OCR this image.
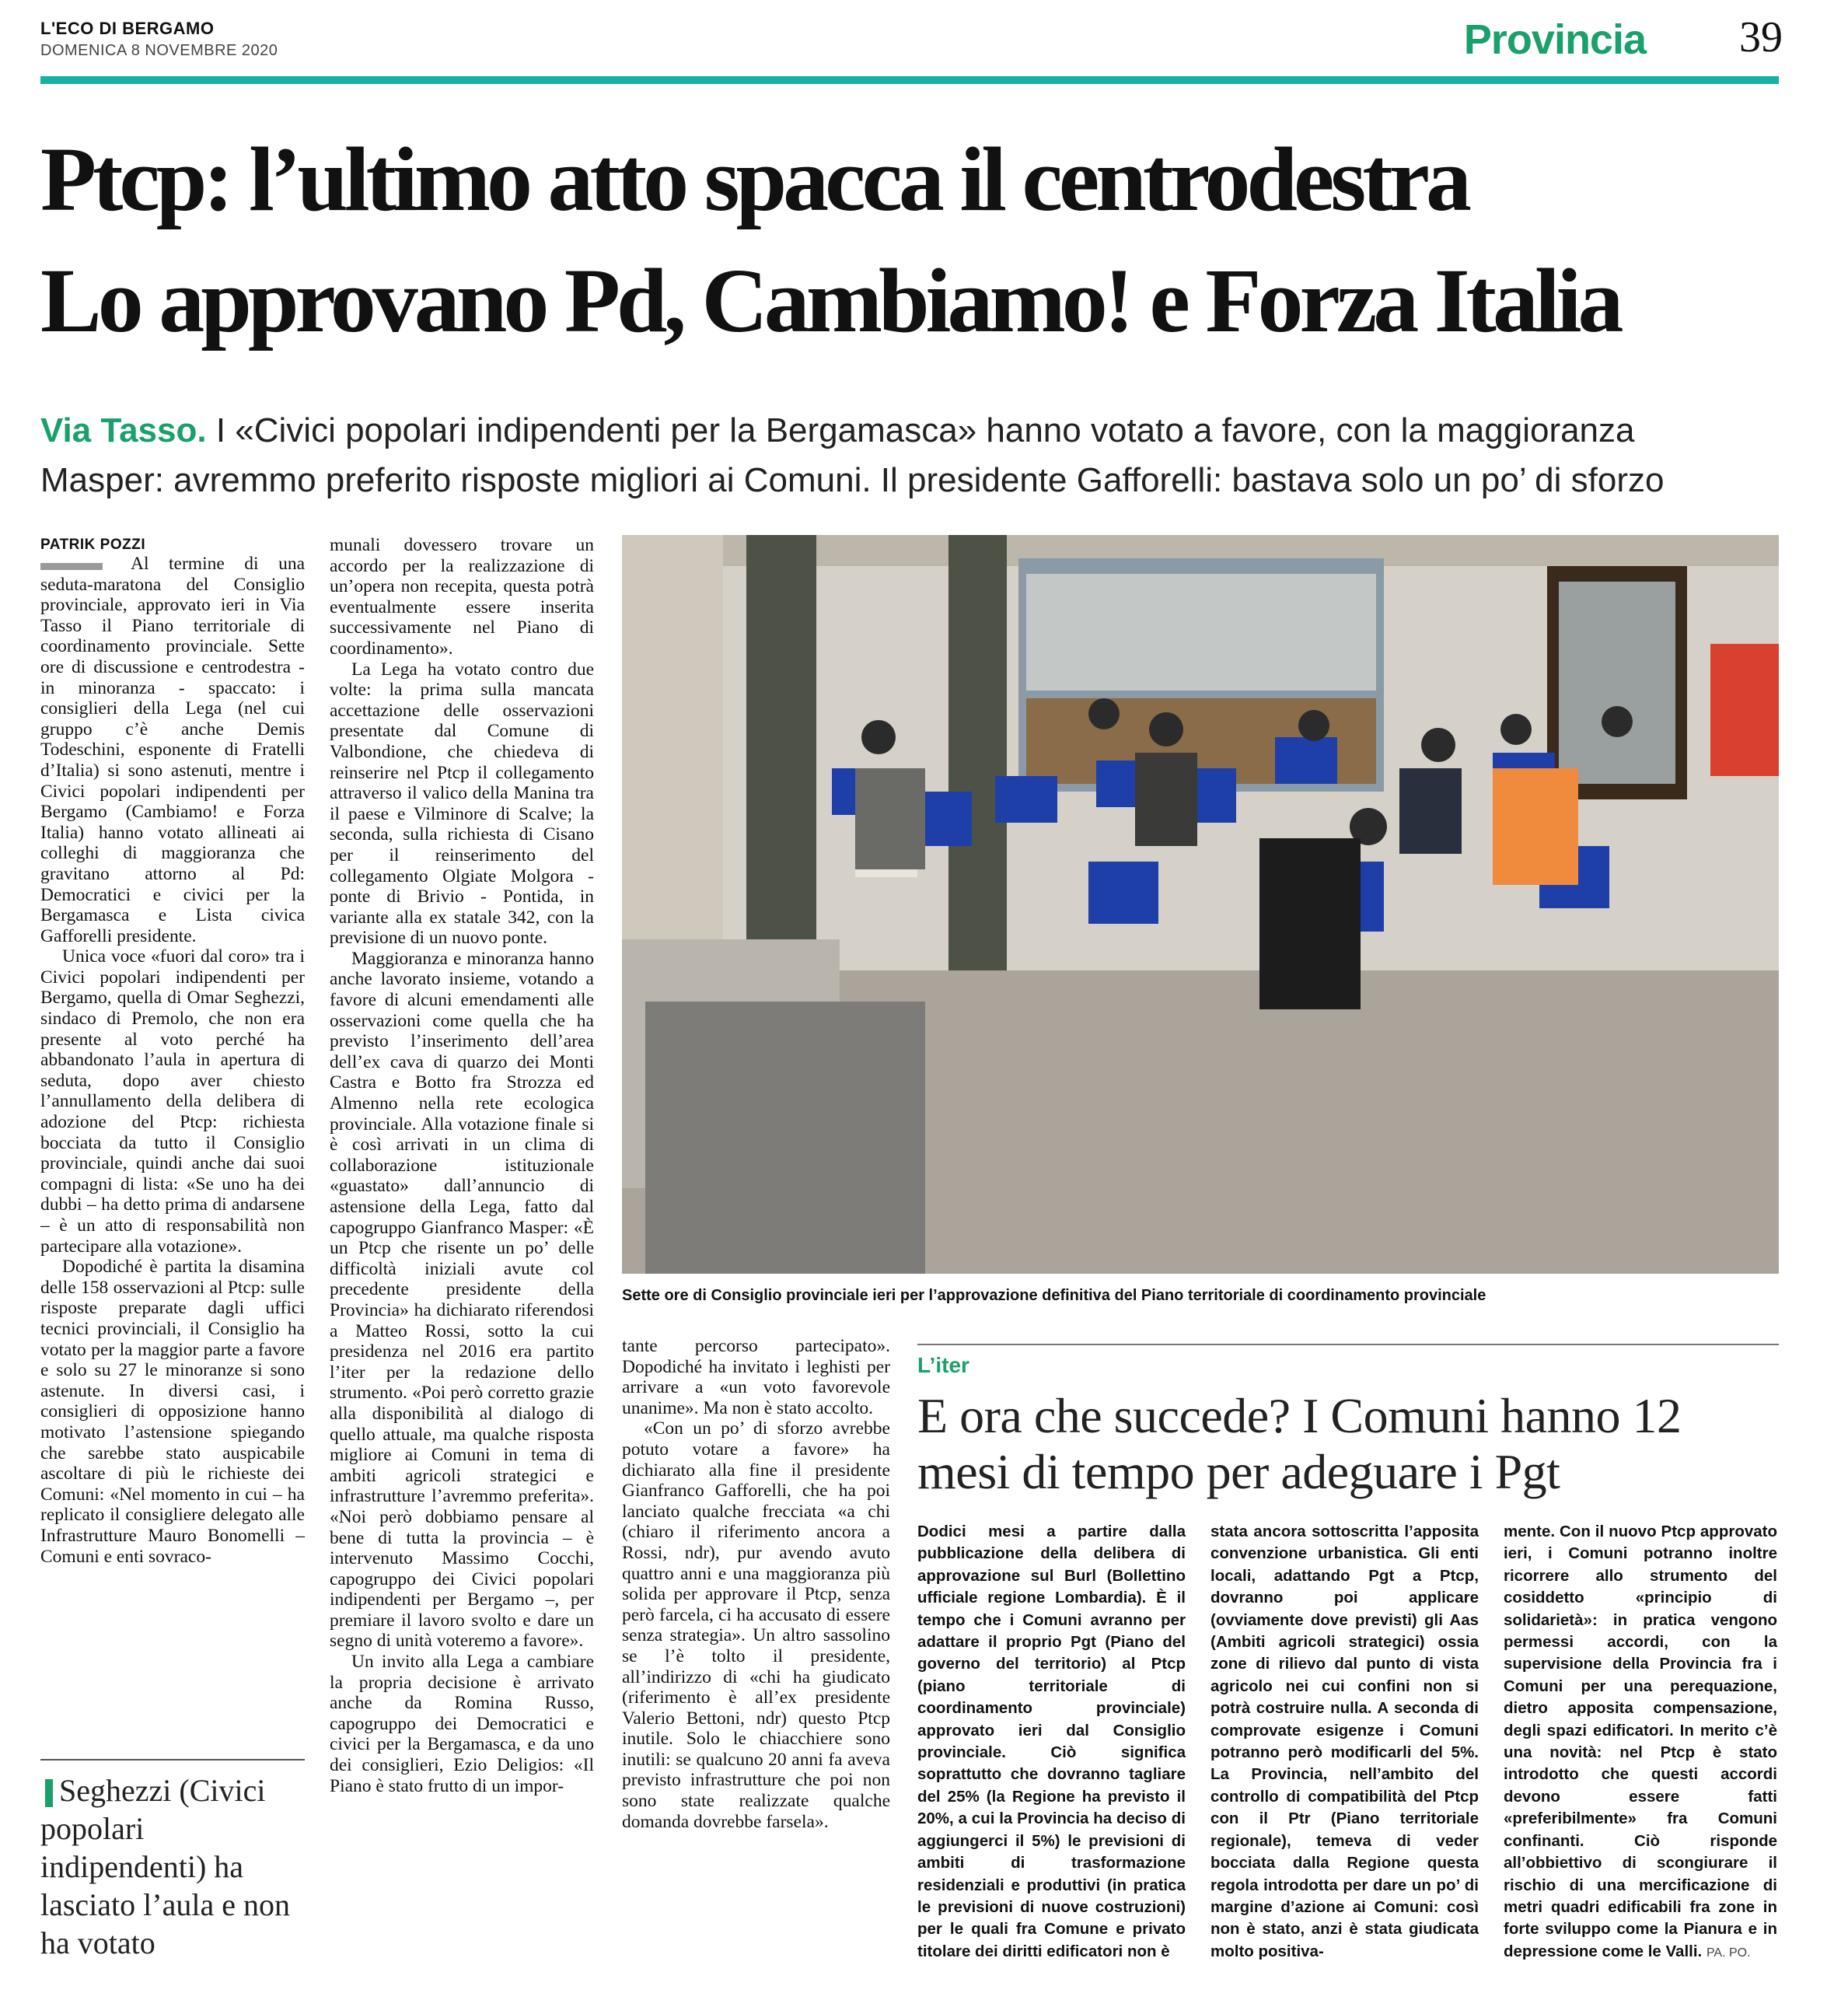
L'ECO DI BERGAMO
DOMENICA 8 NOVEMBRE 2020	Provincia 39
Ptcp: l’ultimo atto spacca il centrodestra
Lo approvano Pd, Cambiamo! e Forza Italia
Via Tasso. I «Civici popolari indipendenti per la Bergamasca» hanno votato a favore, con la maggioranza
Masper: avremmo preferito risposte migliori ai Comuni. Il presidente Gafforelli: bastava solo un po’ di sforzo
PATRIK POZZI

Al termine di una seduta-maratona del Consiglio provinciale, approvato ieri in Via Tasso il Piano territoriale di coordinamento provinciale. Sette ore di discussione e centrodestra - in minoranza - spaccato: i consiglieri della Lega (nel cui gruppo c’è anche Demis Todeschini, esponente di Fratelli d’Italia) si sono astenuti, mentre i Civici popolari indipendenti per Bergamo (Cambiamo! e Forza Italia) hanno votato allineati ai colleghi di maggioranza che gravitano attorno al Pd: Democratici e civici per la Bergamasca e Lista civica Gafforelli presidente.

Unica voce «fuori dal coro» tra i Civici popolari indipendenti per Bergamo, quella di Omar Seghezzi, sindaco di Premolo, che non era presente al voto perché ha abbandonato l’aula in apertura di seduta, dopo aver chiesto l’annullamento della delibera di adozione del Ptcp: richiesta bocciata da tutto il Consiglio provinciale, quindi anche dai suoi compagni di lista: «Se uno ha dei dubbi – ha detto prima di andarsene – è un atto di responsabilità non partecipare alla votazione».

Dopodiché è partita la disamina delle 158 osservazioni al Ptcp: sulle risposte preparate dagli uffici tecnici provinciali, il Consiglio ha votato per la maggior parte a favore e solo su 27 le minoranze si sono astenute. In diversi casi, i consiglieri di opposizione hanno motivato l’astensione spiegando che sarebbe stato auspicabile ascoltare di più le richieste dei Comuni: «Nel momento in cui – ha replicato il consigliere delegato alle Infrastrutture Mauro Bonomelli – Comuni e enti sovraco-

munali dovessero trovare un accordo per la realizzazione di un’opera non recepita, questa potrà eventualmente essere inserita successivamente nel Piano di coordinamento».

La Lega ha votato contro due volte: la prima sulla mancata accettazione delle osservazioni presentate dal Comune di Valbondione, che chiedeva di reinserire nel Ptcp il collegamento attraverso il valico della Manina tra il paese e Vilminore di Scalve; la seconda, sulla richiesta di Cisano per il reinserimento del collegamento Olgiate Molgora - ponte di Brivio - Pontida, in variante alla ex statale 342, con la previsione di un nuovo ponte.

Maggioranza e minoranza hanno anche lavorato insieme, votando a favore di alcuni emendamenti alle osservazioni come quella che ha previsto l’inserimento dell’area dell’ex cava di quarzo dei Monti Castra e Botto fra Strozza ed Almenno nella rete ecologica provinciale. Alla votazione finale si è così arrivati in un clima di collaborazione istituzionale «guastato» dall’annuncio di astensione della Lega, fatto dal capogruppo Gianfranco Masper: «È un Ptcp che risente un po’ delle difficoltà iniziali avute col precedente presidente della Provincia» ha dichiarato riferendosi a Matteo Rossi, sotto la cui presidenza nel 2016 era partito l’iter per la redazione dello strumento. «Poi però corretto grazie alla disponibilità al dialogo di quello attuale, ma qualche risposta migliore ai Comuni in tema di ambiti agricoli strategici e infrastrutture l’avremmo preferita». «Noi però dobbiamo pensare al bene di tutta la provincia – è intervenuto Massimo Cocchi, capogruppo dei Civici popolari indipendenti per Bergamo –, per premiare il lavoro svolto e dare un segno di unità voteremo a favore».

Un invito alla Lega a cambiare la propria decisione è arrivato anche da Romina Russo, capogruppo dei Democratici e civici per la Bergamasca, e da uno dei consiglieri, Ezio Deligios: «Il Piano è stato frutto di un impor-

Sette ore di Consiglio provinciale ieri per l’approvazione definitiva del Piano territoriale di coordinamento provinciale

tante percorso partecipato». Dopodiché ha invitato i leghisti per arrivare a «un voto favorevole unanime». Ma non è stato accolto.

«Con un po’ di sforzo avrebbe potuto votare a favore» ha dichiarato alla fine il presidente Gianfranco Gafforelli, che ha poi lanciato qualche frecciata «a chi (chiaro il riferimento ancora a Rossi, ndr), pur avendo avuto quattro anni e una maggioranza più solida per approvare il Ptcp, senza però farcela, ci ha accusato di essere senza strategia». Un altro sassolino se l’è tolto il presidente, all’indirizzo di «chi ha giudicato (riferimento è all’ex presidente Valerio Bettoni, ndr) questo Ptcp inutile. Solo le chiacchiere sono inutili: se qualcuno 20 anni fa aveva previsto infrastrutture che poi non sono state realizzate qualche domanda dovrebbe farsela».

Seghezzi (Civici popolari indipendenti) ha lasciato l’aula e non ha votato
L’iter
E ora che succede? I Comuni hanno 12 mesi di tempo per adeguare i Pgt

Dodici mesi a partire dalla pubblicazione della delibera di approvazione sul Burl (Bollettino ufficiale regione Lombardia). È il tempo che i Comuni avranno per adattare il proprio Pgt (Piano del governo del territorio) al Ptcp (piano territoriale di coordinamento provinciale) approvato ieri dal Consiglio provinciale. Ciò significa soprattutto che dovranno tagliare del 25% (la Regione ha previsto il 20%, a cui la Provincia ha deciso di aggiungerci il 5%) le previsioni di ambiti di trasformazione residenziali e produttivi (in pratica le previsioni di nuove costruzioni) per le quali fra Comune e privato titolare dei diritti edificatori non è

stata ancora sottoscritta l’apposita convenzione urbanistica. Gli enti locali, adattando Pgt a Ptcp, dovranno poi applicare (ovviamente dove previsti) gli Aas (Ambiti agricoli strategici) ossia zone di rilievo dal punto di vista agricolo nei cui confini non si potrà costruire nulla. A seconda di comprovate esigenze i Comuni potranno però modificarli del 5%. La Provincia, nell’ambito del controllo di compatibilità del Ptcp con il Ptr (Piano territoriale regionale), temeva di veder bocciata dalla Regione questa regola introdotta per dare un po’ di margine d’azione ai Comuni: così non è stato, anzi è stata giudicata molto positiva-

mente. Con il nuovo Ptcp approvato ieri, i Comuni potranno inoltre ricorrere allo strumento del cosiddetto «principio di solidarietà»: in pratica vengono permessi accordi, con la supervisione della Provincia fra i Comuni per una perequazione, dietro apposita compensazione, degli spazi edificatori. In merito c’è una novità: nel Ptcp è stato introdotto che questi accordi devono essere fatti «preferibilmente» fra Comuni confinanti. Ciò risponde all’obbiettivo di scongiurare il rischio di una mercificazione di metri quadri edificabili fra zone in forte sviluppo come la Pianura e in depressione come le Valli. PA. PO.
